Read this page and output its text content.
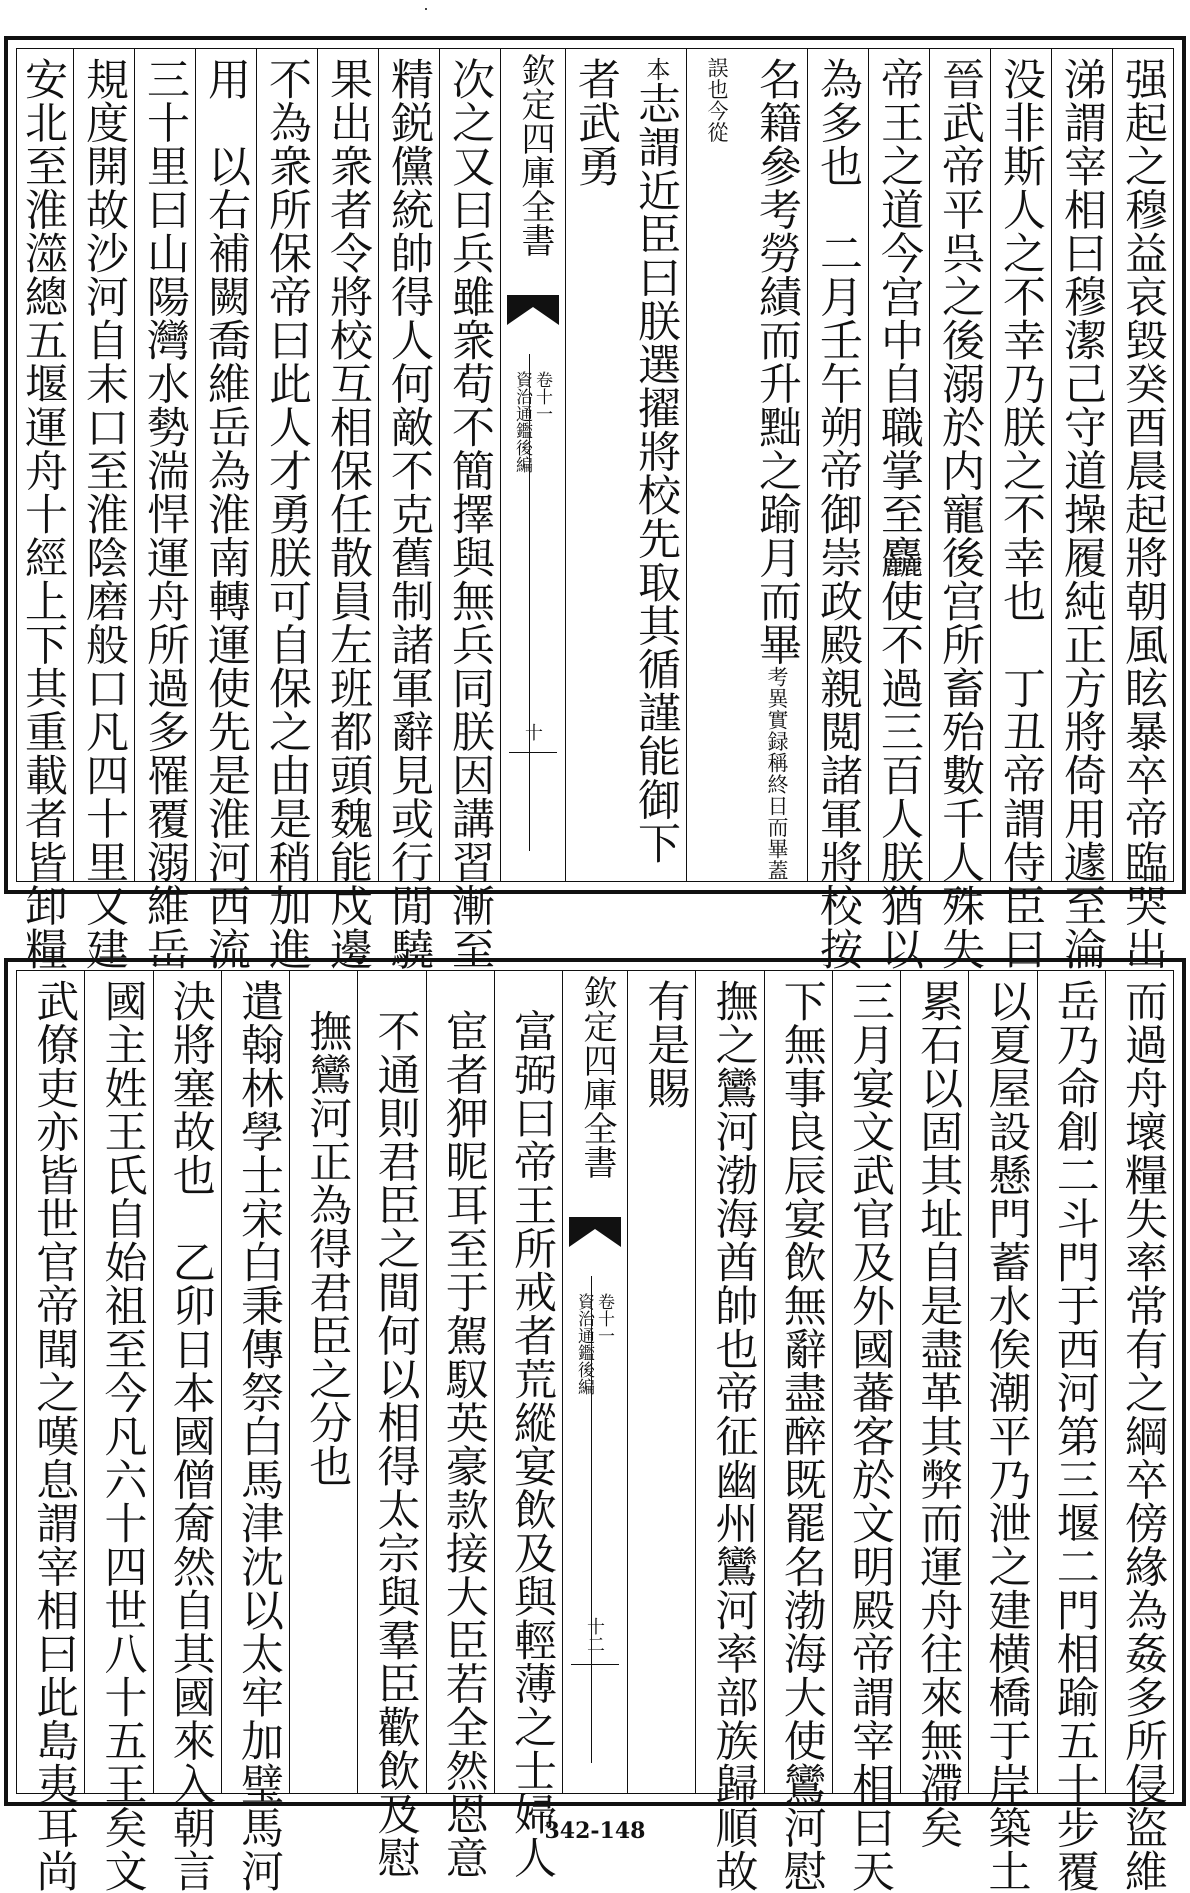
强起之穆益哀毀癸酉晨起將朝風眩暴卒帝臨哭出
涕謂宰相曰穆潔己守道操履純正方將倚用遽至淪
没非斯人之不幸乃朕之不幸也　丁丑帝謂侍臣曰
晉武帝平呉之後溺於内寵後宫所畜殆數千人殊失
帝王之道今宫中自職掌至麤使不過三百人朕猶以
為多也　二月壬午朔帝御崇政殿親閲諸軍將校按
名籍參考勞績而升黜之踰月而畢考異實録稱終日而畢蓋誤也今從
本志謂近臣曰朕選擢將校先取其循謹能御下者武勇
欽定四庫全書
資治通鑑後編 卷十一
十
次之又曰兵雖衆苟不簡擇與無兵同朕因講習漸至
精鋭儻統帥得人何敵不克舊制諸軍辭見或行閒驍
果出衆者令將校互相保任散員左班都頭魏能戍邊
不為衆所保帝曰此人才勇朕可自保之由是稍加進
用　以右補闕喬維岳為淮南轉運使先是淮河西流
三十里曰山陽灣水勢湍悍運舟所過多罹覆溺維岳
規度開故沙河自末口至淮陰磨般口凡四十里又建
安北至淮澨總五堰運舟十經上下其重載者皆卸糧
而過舟壞糧失率常有之綱卒傍緣為姦多所侵盜維
岳乃命創二斗門于西河第三堰二門相踰五十步覆
以夏屋設懸門蓄水俟潮平乃泄之建横橋于岸築土
累石以固其址自是盡革其弊而運舟往來無滯矣
三月宴文武官及外國蕃客於文明殿帝謂宰相曰天
下無事良辰宴飲無辭盡醉既罷名渤海大使鸞河慰
撫之鸞河渤海酋帥也帝征幽州鸞河率部族歸順故
有是賜
欽定四庫全書
資治通鑑後編 卷十一
十二
富弼曰帝王所戒者荒縱宴飲及與輕薄之士婦人
宦者狎昵耳至于駕馭英豪款接大臣若全然恩意
不通則君臣之間何以相得太宗與羣臣歡飲及慰
撫鸞河正為得君臣之分也
遣翰林學士宋白秉傳祭白馬津沈以太牢加璧馬河
決將塞故也　乙卯日本國僧奝然自其國來入朝言
國主姓王氏自始祖至今凡六十四世八十五王矣文
武僚吏亦皆世官帝聞之嘆息謂宰相曰此島夷耳尚	342-148
